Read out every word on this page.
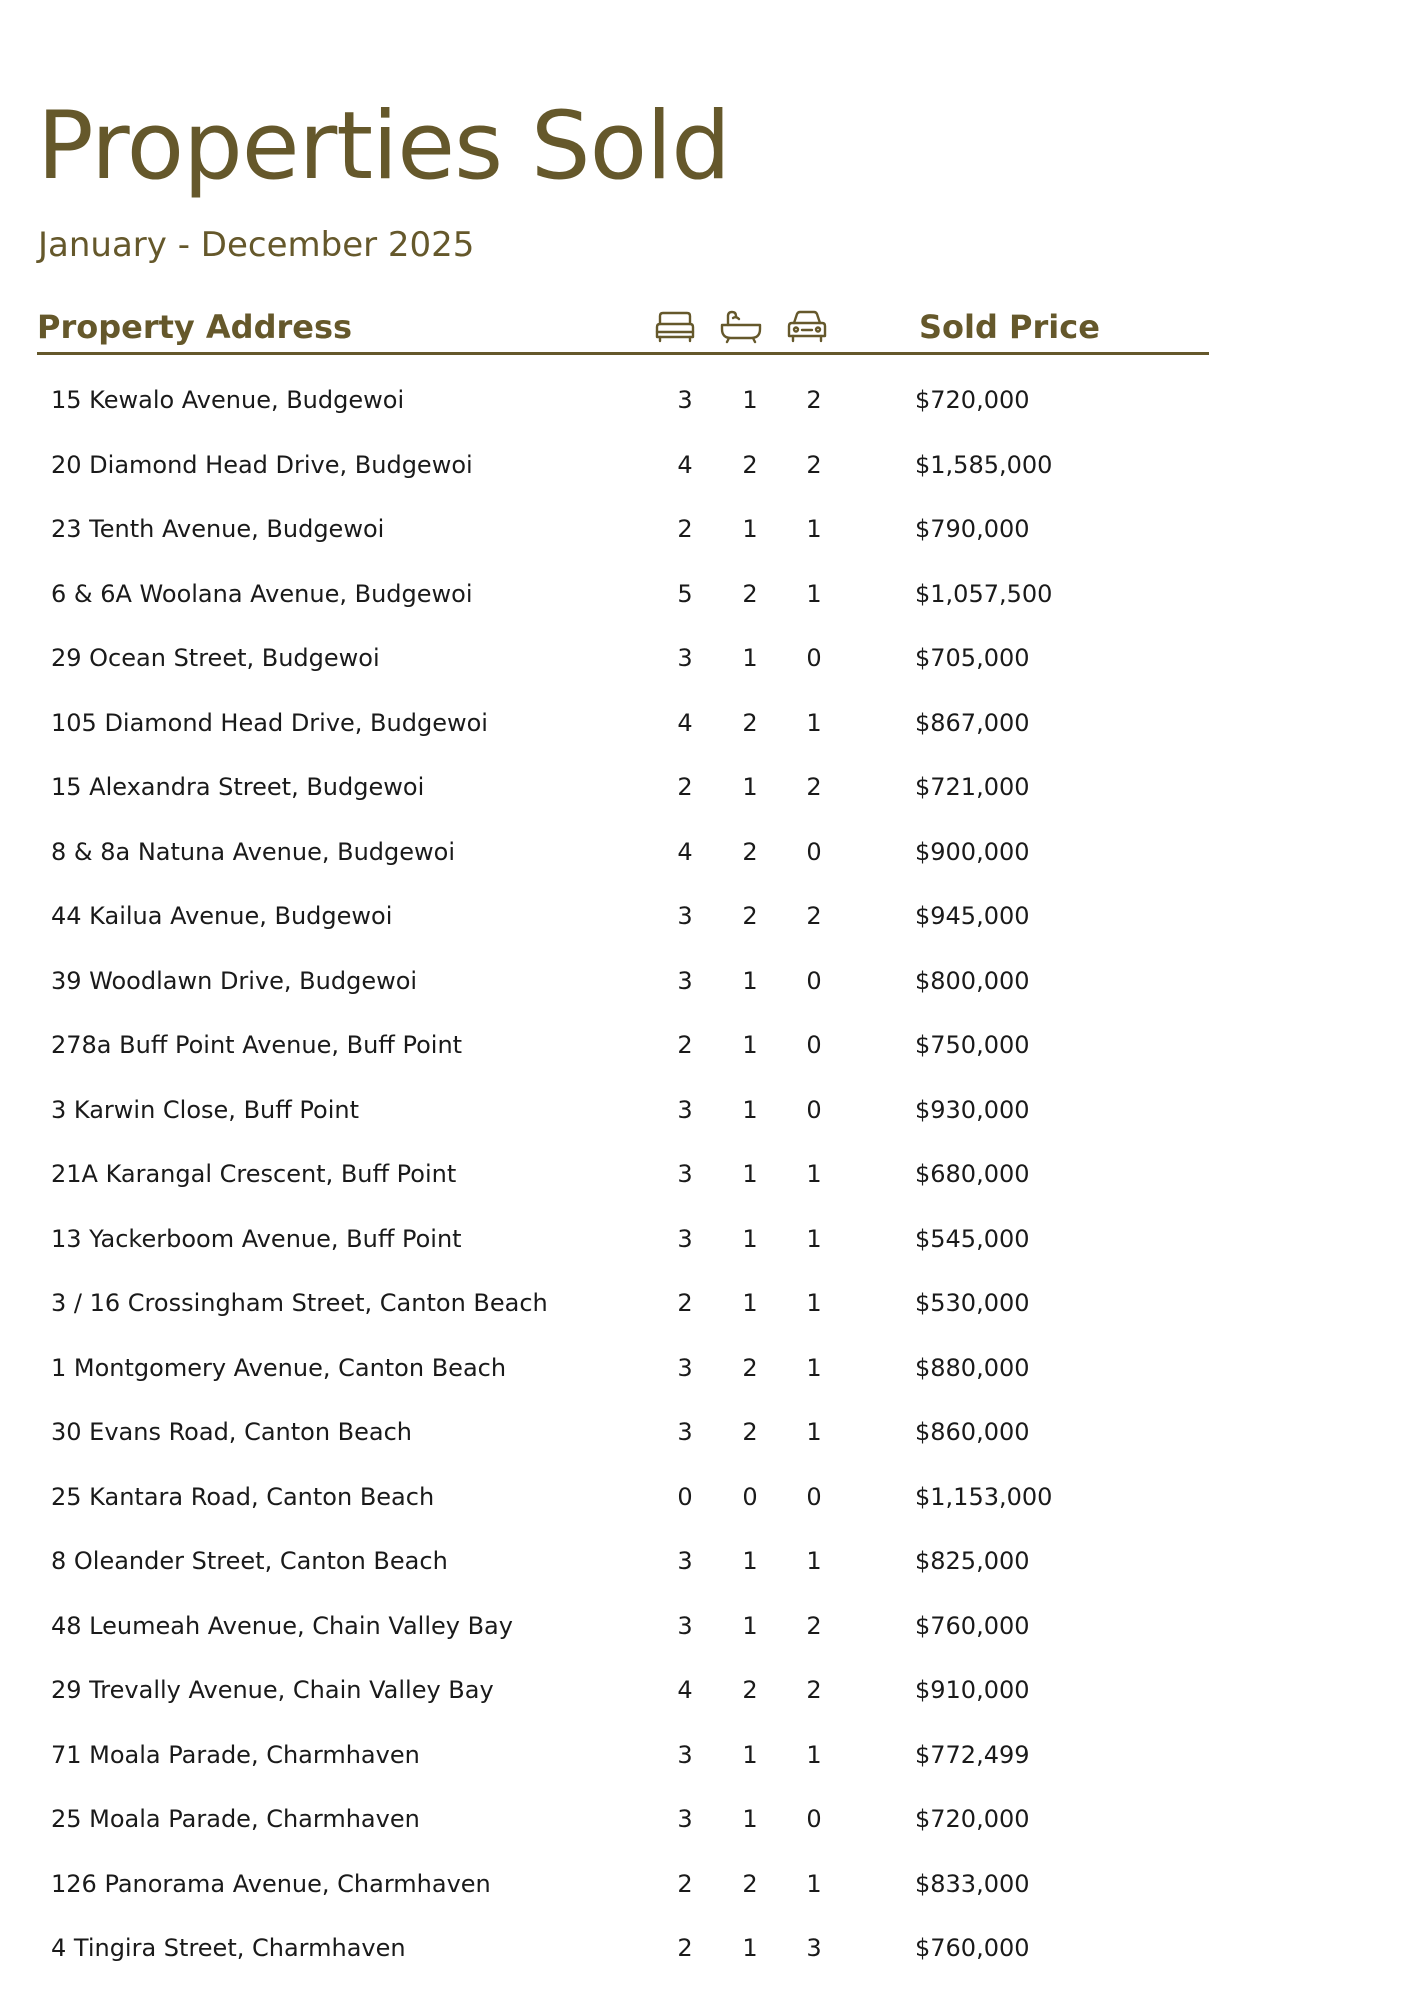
Properties Sold
January - December 2025
Property Address	Sold Price
15 Kewalo Avenue, Budgewoi	3	1	2	$720,000
20 Diamond Head Drive, Budgewoi	4	2	2	$1,585,000
23 Tenth Avenue, Budgewoi	2	1	1	$790,000
6 & 6A Woolana Avenue, Budgewoi	5	2	1	$1,057,500
29 Ocean Street, Budgewoi	3	1	0	$705,000
105 Diamond Head Drive, Budgewoi	4	2	1	$867,000
15 Alexandra Street, Budgewoi	2	1	2	$721,000
8 & 8a Natuna Avenue, Budgewoi	4	2	0	$900,000
44 Kailua Avenue, Budgewoi	3	2	2	$945,000
39 Woodlawn Drive, Budgewoi	3	1	0	$800,000
278a Buff Point Avenue, Buff Point	2	1	0	$750,000
3 Karwin Close, Buff Point	3	1	0	$930,000
21A Karangal Crescent, Buff Point	3	1	1	$680,000
13 Yackerboom Avenue, Buff Point	3	1	1	$545,000
3 / 16 Crossingham Street, Canton Beach	2	1	1	$530,000
1 Montgomery Avenue, Canton Beach	3	2	1	$880,000
30 Evans Road, Canton Beach	3	2	1	$860,000
25 Kantara Road, Canton Beach	0	0	0	$1,153,000
8 Oleander Street, Canton Beach	3	1	1	$825,000
48 Leumeah Avenue, Chain Valley Bay	3	1	2	$760,000
29 Trevally Avenue, Chain Valley Bay	4	2	2	$910,000
71 Moala Parade, Charmhaven	3	1	1	$772,499
25 Moala Parade, Charmhaven	3	1	0	$720,000
126 Panorama Avenue, Charmhaven	2	2	1	$833,000
4 Tingira Street, Charmhaven	2	1	3	$760,000
